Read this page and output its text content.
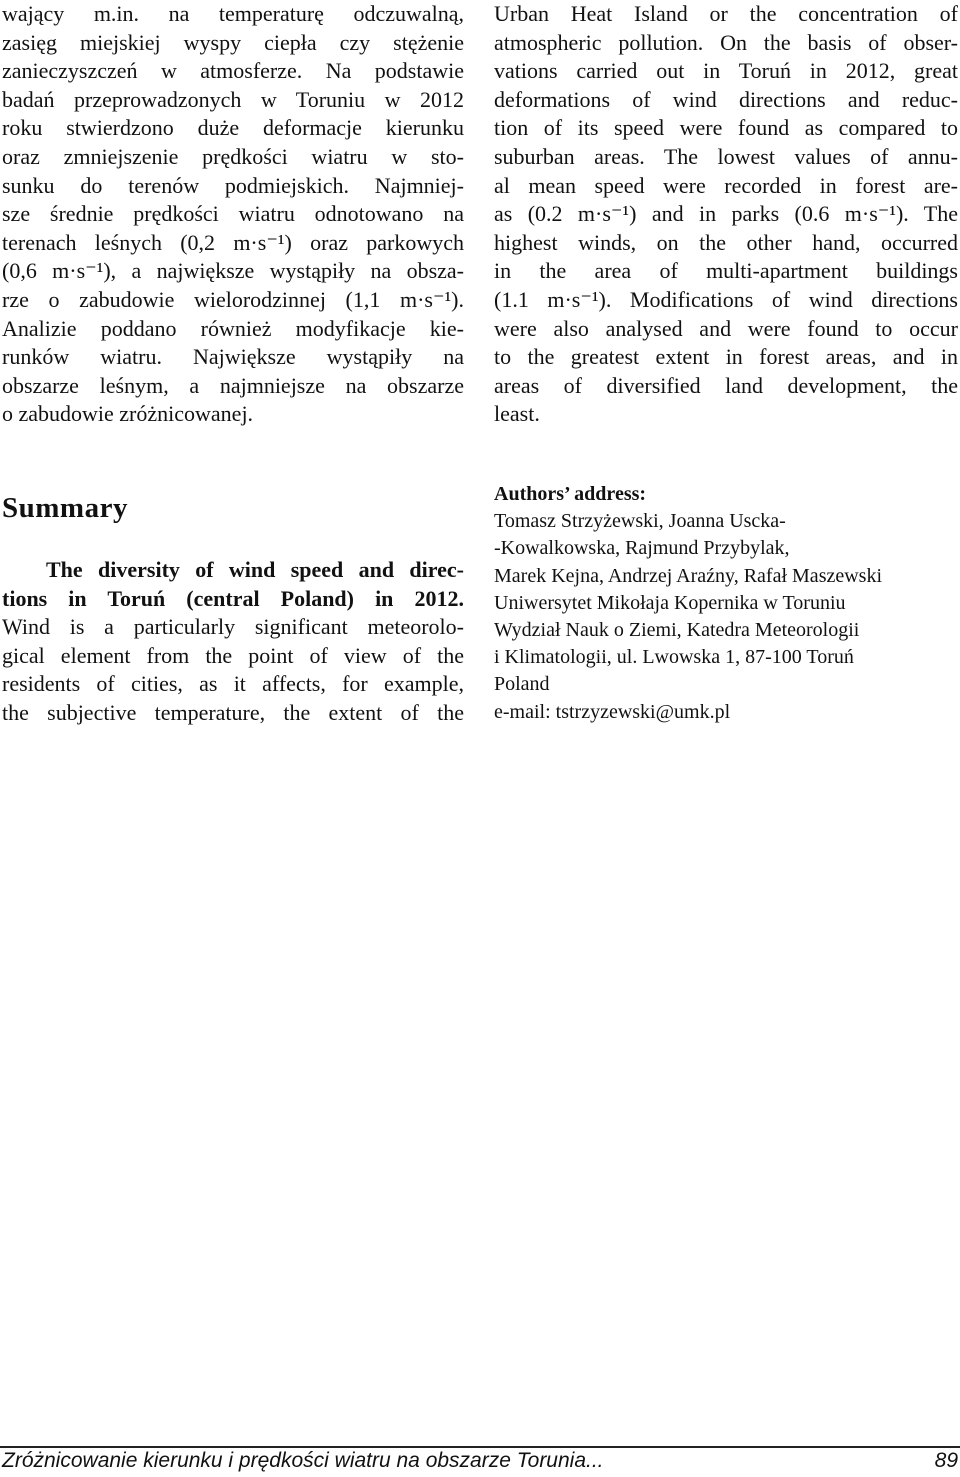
wający m.in. na temperaturę odczuwalną,
zasięg miejskiej wyspy ciepła czy stężenie
zanieczyszczeń w atmosferze. Na podstawie
badań przeprowadzonych w Toruniu w 2012
roku stwierdzono duże deformacje kierunku
oraz zmniejszenie prędkości wiatru w sto-
sunku do terenów podmiejskich. Najmniej-
sze średnie prędkości wiatru odnotowano na
terenach leśnych (0,2 m·s⁻¹) oraz parkowych
(0,6 m·s⁻¹), a największe wystąpiły na obsza-
rze o zabudowie wielorodzinnej (1,1 m·s⁻¹).
Analizie poddano również modyfikacje kie-
runków wiatru. Największe wystąpiły na
obszarze leśnym, a najmniejsze na obszarze
o zabudowie zróżnicowanej.
Urban Heat Island or the concentration of
atmospheric pollution. On the basis of obser-
vations carried out in Toruń in 2012, great
deformations of wind directions and reduc-
tion of its speed were found as compared to
suburban areas. The lowest values of annu-
al mean speed were recorded in forest are-
as (0.2 m·s⁻¹) and in parks (0.6 m·s⁻¹). The
highest winds, on the other hand, occurred
in the area of multi-apartment buildings
(1.1 m·s⁻¹). Modifications of wind directions
were also analysed and were found to occur
to the greatest extent in forest areas, and in
areas of diversified land development, the
least.
Summary
The diversity of wind speed and direc-
tions in Toruń (central Poland) in 2012.
Wind is a particularly significant meteorolo-
gical element from the point of view of the
residents of cities, as it affects, for example,
the subjective temperature, the extent of the
Authors’ address:
Tomasz Strzyżewski, Joanna Uscka-
-Kowalkowska, Rajmund Przybylak,
Marek Kejna, Andrzej Araźny, Rafał Maszewski
Uniwersytet Mikołaja Kopernika w Toruniu
Wydział Nauk o Ziemi, Katedra Meteorologii
i Klimatologii, ul. Lwowska 1, 87-100 Toruń
Poland
e-mail: tstrzyzewski@umk.pl
Zróżnicowanie kierunku i prędkości wiatru na obszarze Torunia...	89
